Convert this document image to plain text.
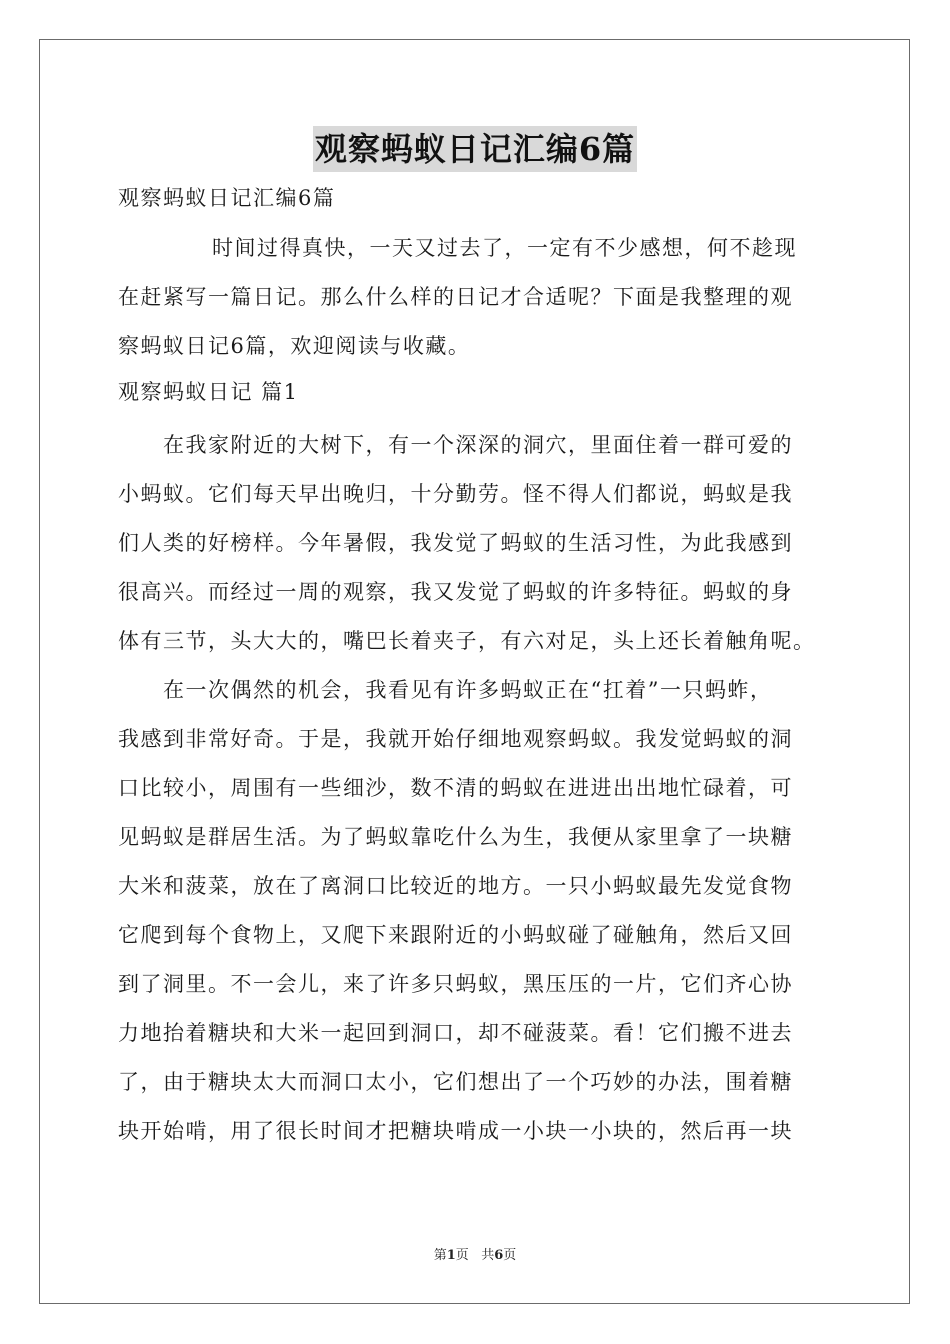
观察蚂蚁日记汇编6篇
观察蚂蚁日记汇编6篇
时间过得真快，一天又过去了，一定有不少感想，何不趁现
在赶紧写一篇日记。那么什么样的日记才合适呢？下面是我整理的观
察蚂蚁日记6篇，欢迎阅读与收藏。
观察蚂蚁日记 篇1
在我家附近的大树下，有一个深深的洞穴，里面住着一群可爱的
小蚂蚁。它们每天早出晚归，十分勤劳。怪不得人们都说，蚂蚁是我
们人类的好榜样。今年暑假，我发觉了蚂蚁的生活习性，为此我感到
很高兴。而经过一周的观察，我又发觉了蚂蚁的许多特征。蚂蚁的身
体有三节，头大大的，嘴巴长着夹子，有六对足，头上还长着触角呢。
在一次偶然的机会，我看见有许多蚂蚁正在“扛着”一只蚂蚱，
我感到非常好奇。于是，我就开始仔细地观察蚂蚁。我发觉蚂蚁的洞
口比较小，周围有一些细沙，数不清的蚂蚁在进进出出地忙碌着，可
见蚂蚁是群居生活。为了蚂蚁靠吃什么为生，我便从家里拿了一块糖
大米和菠菜，放在了离洞口比较近的地方。一只小蚂蚁最先发觉食物
它爬到每个食物上，又爬下来跟附近的小蚂蚁碰了碰触角，然后又回
到了洞里。不一会儿，来了许多只蚂蚁，黑压压的一片，它们齐心协
力地抬着糖块和大米一起回到洞口，却不碰菠菜。看！它们搬不进去
了，由于糖块太大而洞口太小，它们想出了一个巧妙的办法，围着糖
块开始啃，用了很长时间才把糖块啃成一小块一小块的，然后再一块
第1页 共6页
